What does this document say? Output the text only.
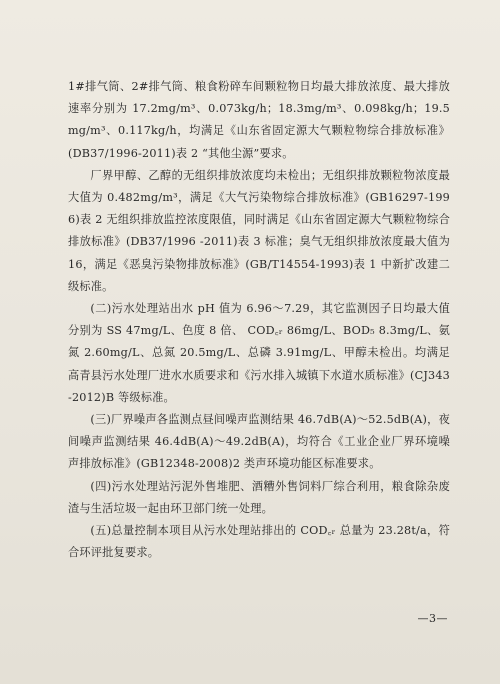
1#排气筒、2#排气筒、粮食粉碎车间颗粒物日均最大排放浓度、最大排放速率分别为 17.2mg/m³、0.073kg/h；18.3mg/m³、0.098kg/h；19.5mg/m³、0.117kg/h，均满足《山东省固定源大气颗粒物综合排放标准》(DB37/1996-2011)表 2 “其他尘源”要求。

厂界甲醇、乙醇的无组织排放浓度均未检出；无组织排放颗粒物浓度最大值为 0.482mg/m³，满足《大气污染物综合排放标准》(GB16297-1996)表 2 无组织排放监控浓度限值，同时满足《山东省固定源大气颗粒物综合排放标准》(DB37/1996 -2011)表 3 标准；臭气无组织排放浓度最大值为 16，满足《恶臭污染物排放标准》(GB/T14554-1993)表 1 中新扩改建二级标准。

(二)污水处理站出水 pH 值为 6.96～7.29，其它监测因子日均最大值分别为 SS 47mg/L、色度 8 倍、 COD꜀ᵣ 86mg/L、BOD₅ 8.3mg/L、氨氮 2.60mg/L、总氮 20.5mg/L、总磷 3.91mg/L、甲醇未检出。均满足高青县污水处理厂进水水质要求和《污水排入城镇下水道水质标准》(CJ343-2012)B 等级标准。

(三)厂界噪声各监测点昼间噪声监测结果 46.7dB(A)～52.5dB(A)，夜间噪声监测结果 46.4dB(A)～49.2dB(A)，均符合《工业企业厂界环境噪声排放标准》(GB12348-2008)2 类声环境功能区标准要求。

(四)污水处理站污泥外售堆肥、酒糟外售饲料厂综合利用，粮食除杂废渣与生活垃圾一起由环卫部门统一处理。

(五)总量控制本项目从污水处理站排出的 COD꜀ᵣ 总量为 23.28t/a，符合环评批复要求。

—3—
